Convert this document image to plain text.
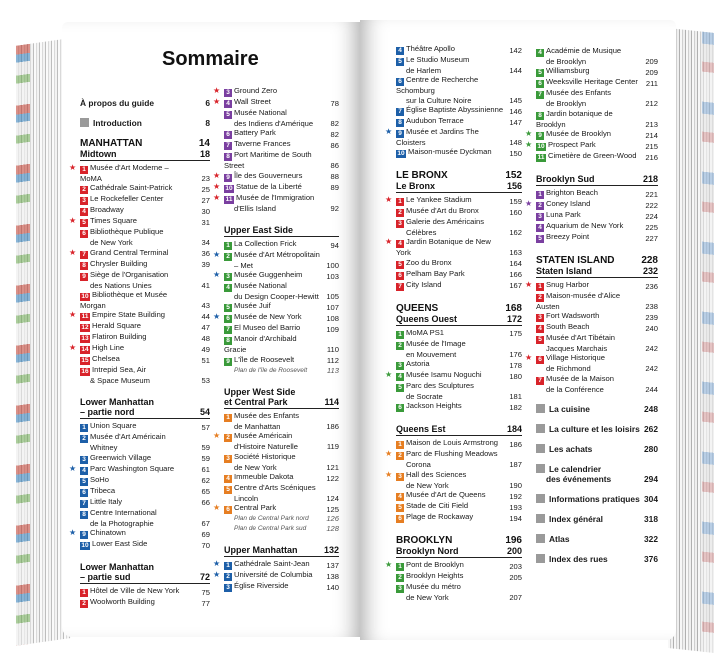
Sommaire
À propos du guide	6
Introduction	8
MANHATTAN	14
Midtown	18
★ 1 Musée d'Art Moderne – MoMA	23
2 Cathédrale Saint-Patrick	25
3 Le Rockefeller Center	27
4 Broadway	30
★ 5 Times Square	31
6 Bibliothèque Publique
de New York	34
★ 7 Grand Central Terminal	36
8 Chrysler Building	39
9 Siège de l'Organisation
des Nations Unies	41
10 Bibliothèque et Musée Morgan	43
★ 11 Empire State Building	44
12 Herald Square	47
13 Flatiron Building	48
★ 14 High Line	49
15 Chelsea	51
16 Intrepid Sea, Air
& Space Museum	53
Lower Manhattan
– partie nord	54
1 Union Square	57
2 Musée d'Art Américain
Whitney	59
3 Greenwich Village	59
★ 4 Parc Washington Square	61
5 SoHo	62
6 Tribeca	65
7 Little Italy	66
8 Centre International
de la Photographie	67
★ 9 Chinatown	69
10 Lower East Side	70
Lower Manhattan
– partie sud	72
1 Hôtel de Ville de New York	75
2 Woolworth Building	77
★ 3 Ground Zero
★ 4 Wall Street	78
5 Musée National
des Indiens d'Amérique 82
6 Battery Park	82
7 Taverne Frances	86
8 Port Maritime de South Street	86
★ 9 Île des Gouverneurs	88
★ 10 Statue de la Liberté	89
★ 11 Musée de l'Immigration
d'Ellis Island	92
Upper East Side
1 La Collection Frick	94
★ 2 Musée d'Art Métropolitain
– Met	100
★ 3 Musée Guggenheim	103
4 Musée National
du Design Cooper-Hewitt 105
5 Musée Juif	107
★ 6 Musée de New York	108
7 El Museo del Barrio	109
8 Manoir d'Archibald Gracie	110
9 L'île de Roosevelt	112
Plan de l'île de Roosevelt	113
Upper West Side
et Central Park	114
1 Musée des Enfants
de Manhattan	186
★ 2 Musée Américain
d'Histoire Naturelle	119
3 Société Historique
de New York	121
4 Immeuble Dakota	122
5 Centre d'Arts Scéniques
Lincoln	124
★ 6 Central Park	125
Plan de Central Park nord 126
Plan de Central Park sud	128
Upper Manhattan	132
★ 1 Cathédrale Saint-Jean 137
★ 2 Université de Columbia 138
3 Église Riverside	140
4 Théâtre Apollo	142
5 Le Studio Museum
de Harlem	144
6 Centre de Recherche Schomburg
sur la Culture Noire	145
7 Église Baptiste Abyssinienne 146
8 Audubon Terrace	147
★ 9 Musée et Jardins The Cloisters	148
10 Maison-musée Dyckman 150
LE BRONX	152
Le Bronx	156
★ 1 Le Yankee Stadium	159
2 Musée d'Art du Bronx	160
3 Galerie des Américains
Célèbres	162
★ 4 Jardin Botanique de New York	163
5 Zoo du Bronx	164
6 Pelham Bay Park	166
7 City Island	167
QUEENS	168
Queens Ouest	172
1 MoMA PS1	175
2 Musée de l'Image
en Mouvement	176
3 Astoria	178
★ 4 Musée Isamu Noguchi	180
5 Parc des Sculptures
de Socrate	181
6 Jackson Heights	182
Queens Est	184
1 Maison de Louis Armstrong 186
★ 2 Parc de Flushing Meadows
Corona	187
★ 3 Hall des Sciences
de New York	190
4 Musée d'Art de Queens	192
5 Stade de Citi Field	193
6 Plage de Rockaway	194
BROOKLYN	196
Brooklyn Nord	200
★ 1 Pont de Brooklyn	203
2 Brooklyn Heights	205
3 Musée du métro
de New York	207
4 Académie de Musique
de Brooklyn	209
5 Williamsburg	209
6 Weeksville Heritage Center 211
7 Musée des Enfants
de Brooklyn	212
8 Jardin botanique de Brooklyn	213
★ 9 Musée de Brooklyn	214
★ 10 Prospect Park	215
11 Cimetière de Green-Wood 216
Brooklyn Sud	218
1 Brighton Beach	221
★ 2 Coney Island	222
3 Luna Park	224
4 Aquarium de New York	225
5 Breezy Point	227
STATEN ISLAND	228
Staten Island	232
★ 1 Snug Harbor	236
2 Maison-musée d'Alice Austen	238
3 Fort Wadsworth	239
4 South Beach	240
5 Musée d'Art Tibétain
Jacques Marchais	242
★ 6 Village Historique
de Richmond	242
7 Musée de la Maison
de la Conférence	244
La cuisine	248
La culture et les loisirs 262
Les achats	280
Le calendrier
des événements	294
Informations pratiques 304
Index général	318
Atlas	322
Index des rues	376
